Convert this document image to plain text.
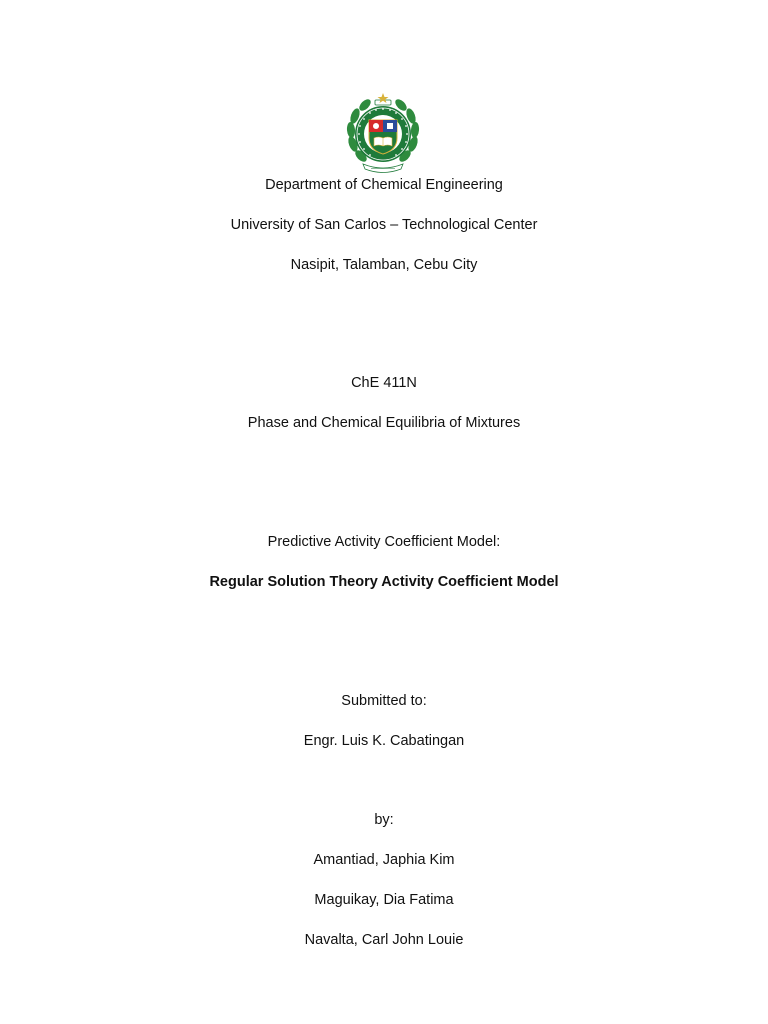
Department of Chemical Engineering
University of San Carlos – Technological Center
Nasipit, Talamban, Cebu City
ChE 411N
Phase and Chemical Equilibria of Mixtures
Predictive Activity Coefficient Model:
Regular Solution Theory Activity Coefficient Model
Submitted to:
Engr. Luis K. Cabatingan
by:
Amantiad, Japhia Kim
Maguikay, Dia Fatima
Navalta, Carl John Louie
